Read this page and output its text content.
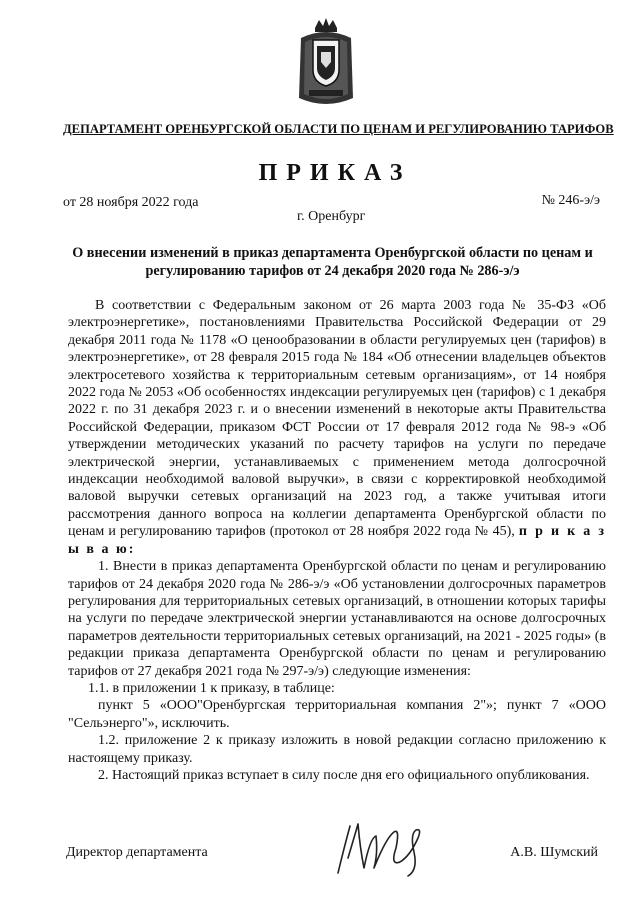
ДЕПАРТАМЕНТ ОРЕНБУРГСКОЙ ОБЛАСТИ ПО ЦЕНАМ И РЕГУЛИРОВАНИЮ ТАРИФОВ
ПРИКАЗ
от 28 ноября 2022 года	№ 246-э/э
г. Оренбург
О внесении изменений в приказ департамента Оренбургской области по ценам и регулированию тарифов от 24 декабря 2020 года № 286-э/э

В соответствии с Федеральным законом от 26 марта 2003 года № 35-ФЗ «Об электроэнергетике», постановлениями Правительства Российской Федерации от 29 декабря 2011 года № 1178 «О ценообразовании в области регулируемых цен (тарифов) в электроэнергетике», от 28 февраля 2015 года № 184 «Об отнесении владельцев объектов электросетевого хозяйства к территориальным сетевым организациям», от 14 ноября 2022 года № 2053 «Об особенностях индексации регулируемых цен (тарифов) с 1 декабря 2022 г. по 31 декабря 2023 г. и о внесении изменений в некоторые акты Правительства Российской Федерации, приказом ФСТ России от 17 февраля 2012 года № 98-э «Об утверждении методических указаний по расчету тарифов на услуги по передаче электрической энергии, устанавливаемых с применением метода долгосрочной индексации необходимой валовой выручки», в связи с корректировкой необходимой валовой выручки сетевых организаций на 2023 год, а также учитывая итоги рассмотрения данного вопроса на коллегии департамента Оренбургской области по ценам и регулированию тарифов (протокол от 28 ноября 2022 года № 45), п р и к а з ы в а ю:

1. Внести в приказ департамента Оренбургской области по ценам и регулированию тарифов от 24 декабря 2020 года № 286-э/э «Об установлении долгосрочных параметров регулирования для территориальных сетевых организаций, в отношении которых тарифы на услуги по передаче электрической энергии устанавливаются на основе долгосрочных параметров деятельности территориальных сетевых организаций, на 2021 - 2025 годы» (в редакции приказа департамента Оренбургской области по ценам и регулированию тарифов от 27 декабря 2021 года № 297-э/э) следующие изменения:

1.1. в приложении 1 к приказу, в таблице:

пункт 5 «ООО"Оренбургская территориальная компания 2"»; пункт 7 «ООО "Сельэнерго"», исключить.

1.2. приложение 2 к приказу изложить в новой редакции согласно приложению к настоящему приказу.

2. Настоящий приказ вступает в силу после дня его официального опубликования.

Директор департамента	А.В. Шумский
